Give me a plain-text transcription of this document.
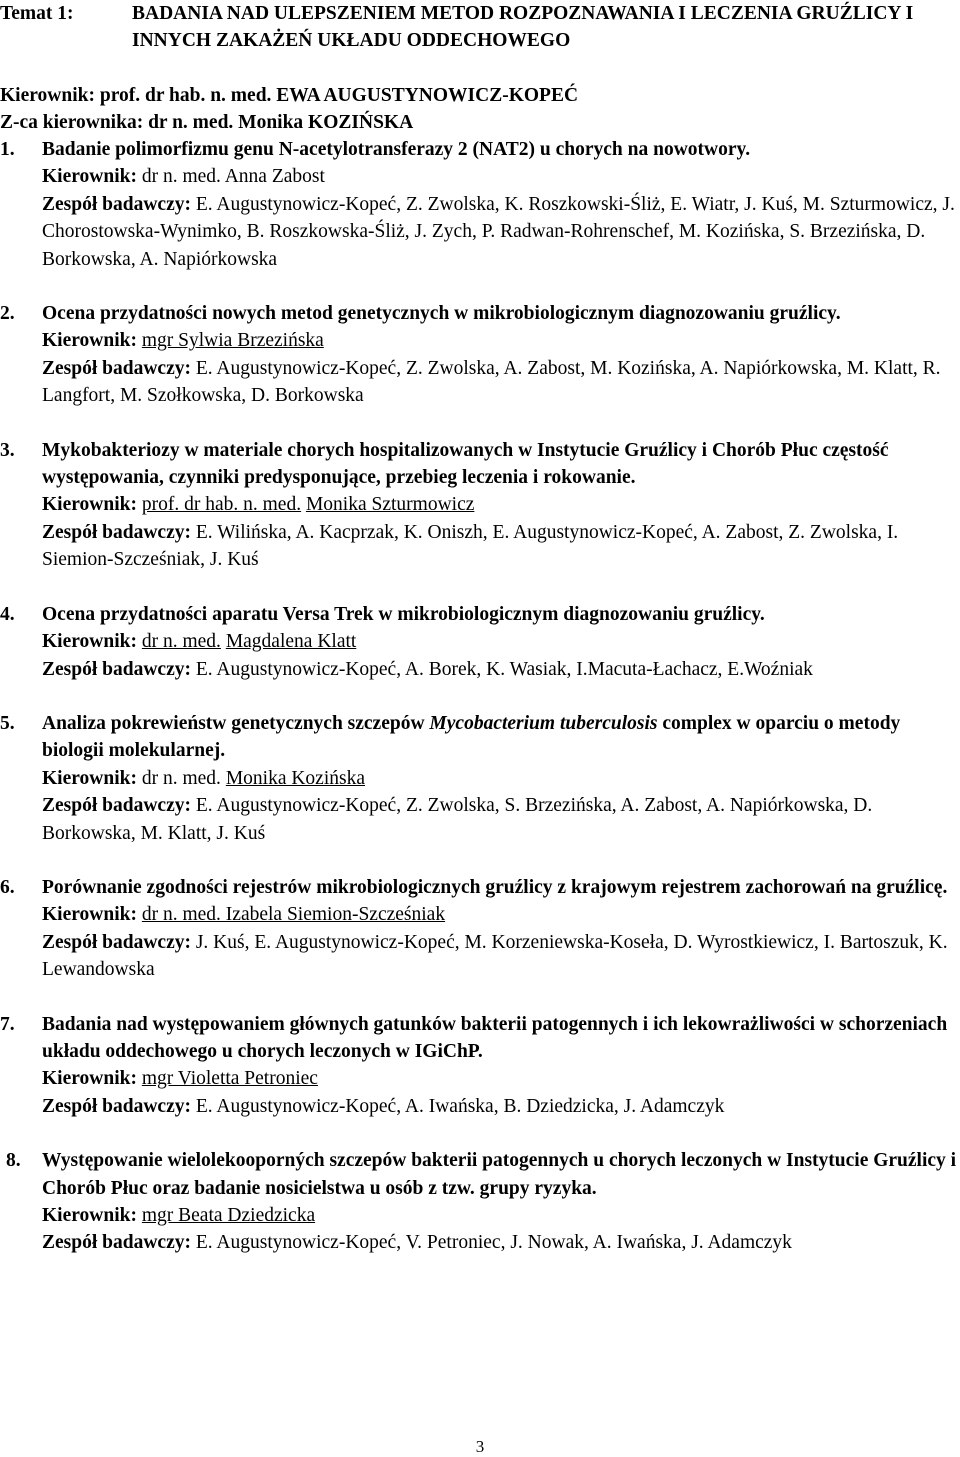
Temat 1:	BADANIA NAD ULEPSZENIEM METOD ROZPOZNAWANIA I LECZENIA GRUŹLICY I INNYCH ZAKAŻEŃ UKŁADU ODDECHOWEGO
Kierownik: prof. dr hab. n. med. EWA AUGUSTYNOWICZ-KOPEĆ
Z-ca kierownika: dr n. med. Monika KOZIŃSKA
1.	Badanie polimorfizmu genu N-acetylotransferazy 2 (NAT2) u chorych na nowotwory.
Kierownik: dr n. med. Anna Zabost
Zespół badawczy: E. Augustynowicz-Kopeć, Z. Zwolska, K. Roszkowski-Śliż, E. Wiatr, J. Kuś, M. Szturmowicz, J. Chorostowska-Wynimko, B. Roszkowska-Śliż, J. Zych, P. Radwan-Rohrenschef, M. Kozińska, S. Brzezińska, D. Borkowska, A. Napiórkowska
2.	Ocena przydatności nowych metod genetycznych w mikrobiologicznym diagnozowaniu gruźlicy.
Kierownik: mgr Sylwia Brzezińska
Zespół badawczy: E. Augustynowicz-Kopeć, Z. Zwolska, A. Zabost, M. Kozińska, A. Napiórkowska, M. Klatt, R. Langfort, M. Szołkowska, D. Borkowska
3.	Mykobakteriozy w materiale chorych hospitalizowanych w Instytucie Gruźlicy i Chorób Płuc częstość występowania, czynniki predysponujące, przebieg leczenia i rokowanie.
Kierownik: prof. dr hab. n. med. Monika Szturmowicz
Zespół badawczy: E. Wilińska, A. Kacprzak, K. Oniszh, E. Augustynowicz-Kopeć, A. Zabost, Z. Zwolska, I. Siemion-Szcześniak, J. Kuś
4.	Ocena przydatności aparatu Versa Trek w mikrobiologicznym diagnozowaniu gruźlicy.
Kierownik: dr n. med. Magdalena Klatt
Zespół badawczy: E. Augustynowicz-Kopeć, A. Borek, K. Wasiak, I.Macuta-Łachacz, E.Woźniak
5.	Analiza pokrewieństw genetycznych szczepów Mycobacterium tuberculosis complex w oparciu o metody biologii molekularnej.
Kierownik: dr n. med. Monika Kozińska
Zespół badawczy: E. Augustynowicz-Kopeć, Z. Zwolska, S. Brzezińska, A. Zabost, A. Napiórkowska, D. Borkowska, M. Klatt, J. Kuś
6.	Porównanie zgodności rejestrów mikrobiologicznych gruźlicy z krajowym rejestrem zachorowań na gruźlicę.
Kierownik: dr n. med. Izabela Siemion-Szcześniak
Zespół badawczy: J. Kuś, E. Augustynowicz-Kopeć, M. Korzeniewska-Koseła, D. Wyrostkiewicz, I. Bartoszuk, K. Lewandowska
7.	Badania nad występowaniem głównych gatunków bakterii patogennych i ich lekowrażliwości w schorzeniach układu oddechowego u chorych leczonych w IGiChP.
Kierownik: mgr Violetta Petroniec
Zespół badawczy: E. Augustynowicz-Kopeć, A. Iwańska, B. Dziedzicka, J. Adamczyk
8.	Występowanie wielolekooporných szczepów bakterii patogennych u chorych leczonych w Instytucie Gruźlicy i Chorób Płuc oraz badanie nosicielstwa u osób z tzw. grupy ryzyka.
Kierownik: mgr Beata Dziedzicka
Zespół badawczy: E. Augustynowicz-Kopeć, V. Petroniec, J. Nowak, A. Iwańska, J. Adamczyk
3
